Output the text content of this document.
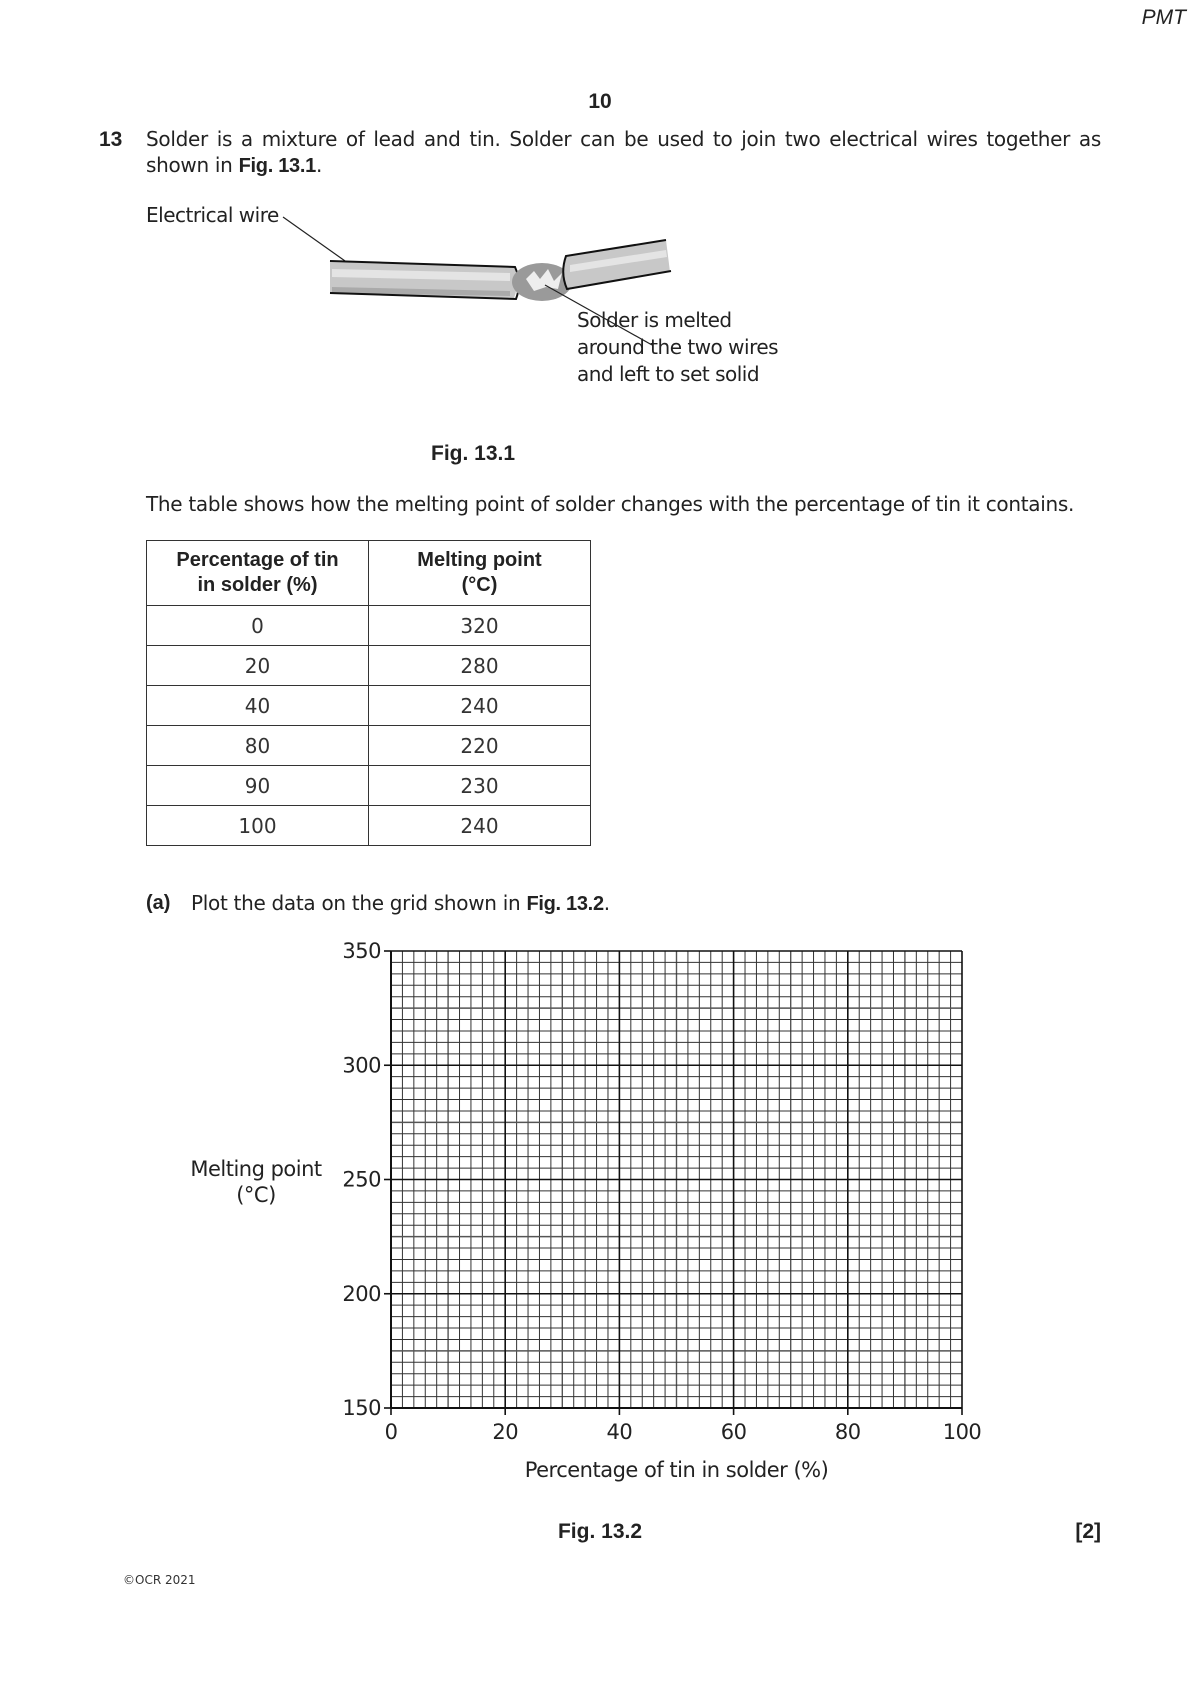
PMT
10
13 Solder is a mixture of lead and tin. Solder can be used to join two electrical wires together as shown in Fig. 13.1.
Electrical wire
Solder is melted
around the two wires
and left to set solid
Fig. 13.1
The table shows how the melting point of solder changes with the percentage of tin it contains.
Percentage of tin
in solder (%)	Melting point
(°C)
0	320
20	280
40	240
80	220
90	230
100	240
(a) Plot the data on the grid shown in Fig. 13.2.
0	20	40	60	80	100
150
200
250
300
350
Melting point
(°C)
Percentage of tin in solder (%)
Fig. 13.2	[2]
©OCR 2021
